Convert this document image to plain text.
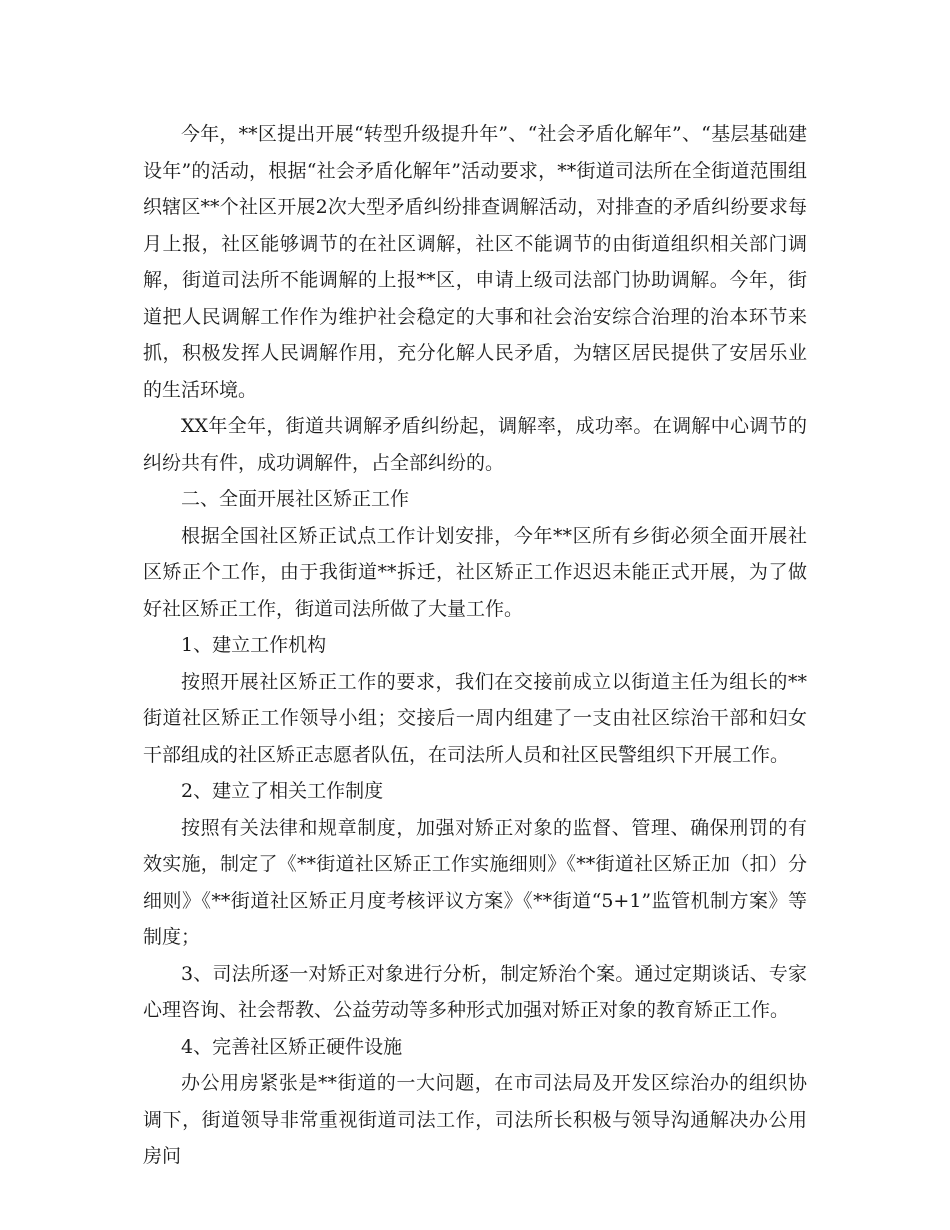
今年，**区提出开展“转型升级提升年”、“社会矛盾化解年”、“基层基础建设年”的活动，根据“社会矛盾化解年”活动要求，**街道司法所在全街道范围组织辖区**个社区开展2次大型矛盾纠纷排查调解活动，对排查的矛盾纠纷要求每月上报，社区能够调节的在社区调解，社区不能调节的由街道组织相关部门调解，街道司法所不能调解的上报**区，申请上级司法部门协助调解。今年，街道把人民调解工作作为维护社会稳定的大事和社会治安综合治理的治本环节来抓，积极发挥人民调解作用，充分化解人民矛盾，为辖区居民提供了安居乐业的生活环境。

XX年全年，街道共调解矛盾纠纷起，调解率，成功率。在调解中心调节的纠纷共有件，成功调解件，占全部纠纷的。

二、全面开展社区矫正工作

根据全国社区矫正试点工作计划安排，今年**区所有乡街必须全面开展社区矫正个工作，由于我街道**拆迁，社区矫正工作迟迟未能正式开展，为了做好社区矫正工作，街道司法所做了大量工作。

1、建立工作机构

按照开展社区矫正工作的要求，我们在交接前成立以街道主任为组长的**街道社区矫正工作领导小组；交接后一周内组建了一支由社区综治干部和妇女干部组成的社区矫正志愿者队伍，在司法所人员和社区民警组织下开展工作。

2、建立了相关工作制度

按照有关法律和规章制度，加强对矫正对象的监督、管理、确保刑罚的有效实施，制定了《**街道社区矫正工作实施细则》《**街道社区矫正加（扣）分细则》《**街道社区矫正月度考核评议方案》《**街道“5+1”监管机制方案》等制度；

3、司法所逐一对矫正对象进行分析，制定矫治个案。通过定期谈话、专家心理咨询、社会帮教、公益劳动等多种形式加强对矫正对象的教育矫正工作。

4、完善社区矫正硬件设施

办公用房紧张是**街道的一大问题，在市司法局及开发区综治办的组织协调下，街道领导非常重视街道司法工作，司法所长积极与领导沟通解决办公用房问
